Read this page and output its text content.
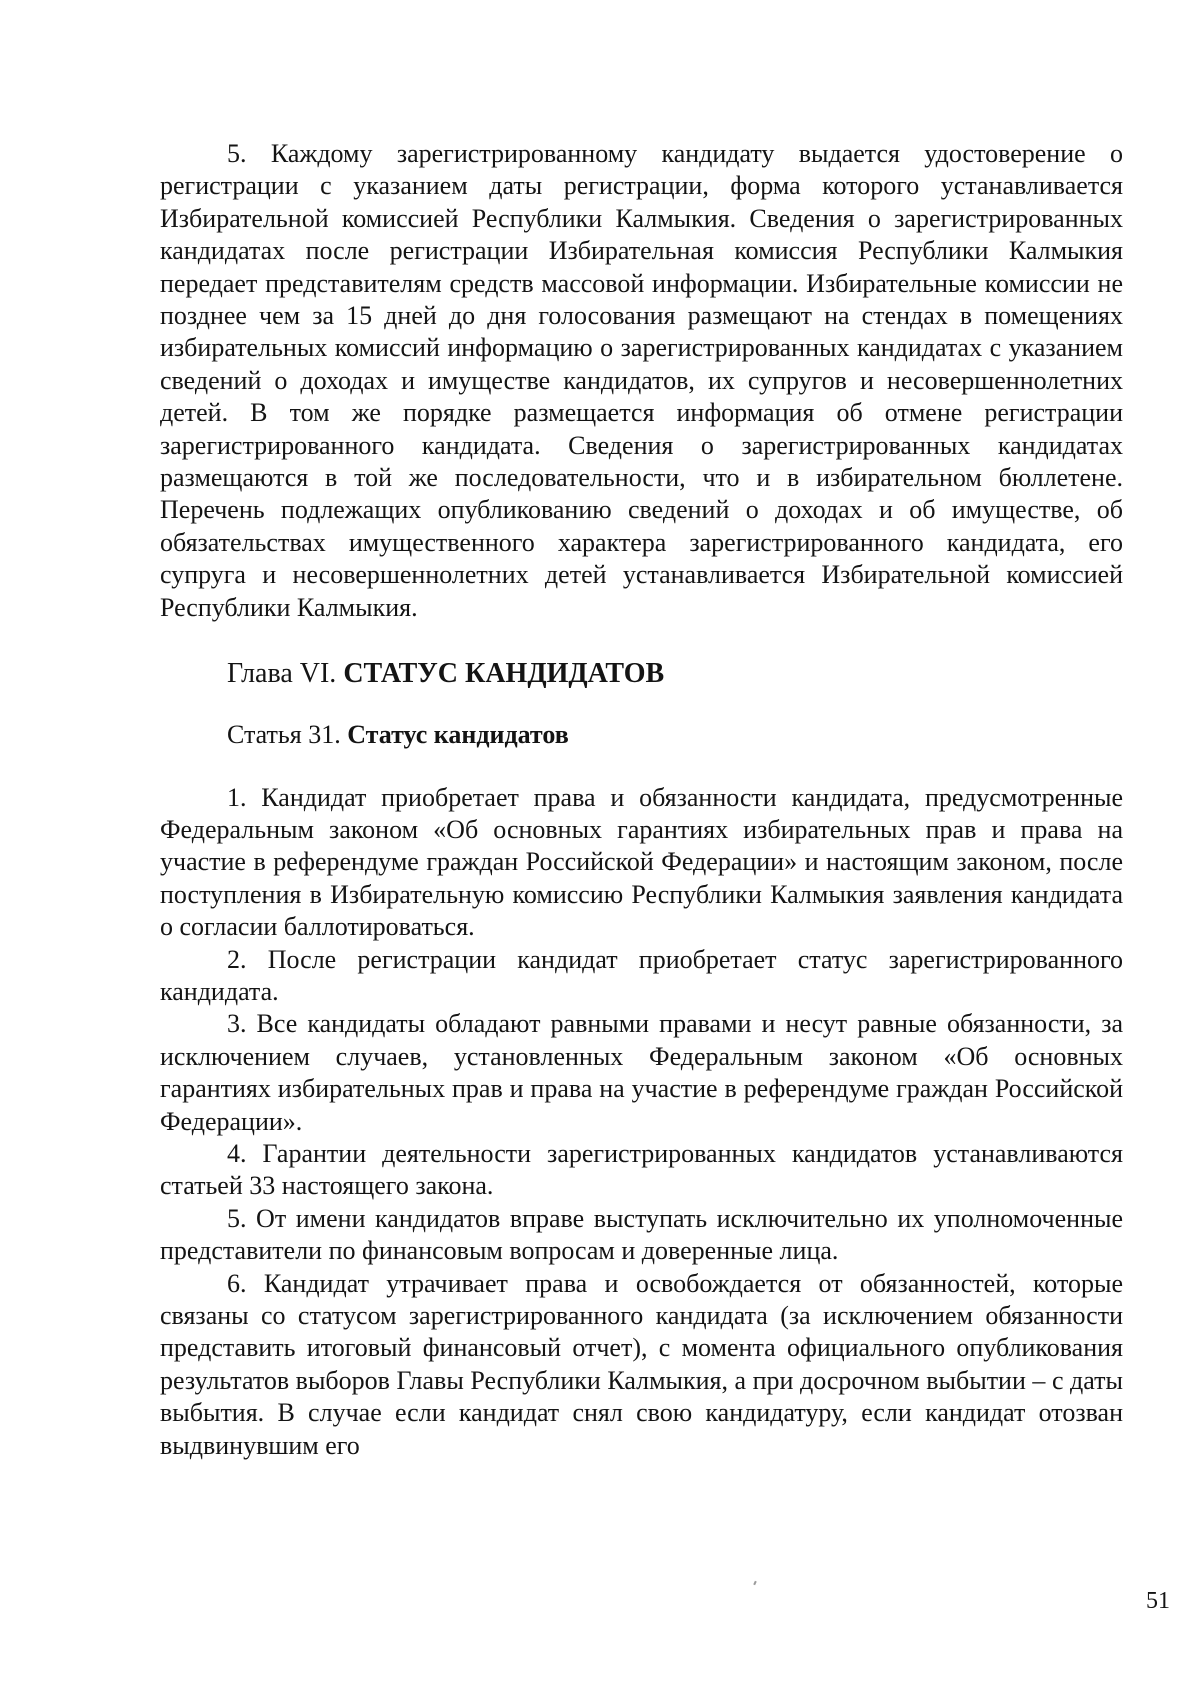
5. Каждому зарегистрированному кандидату выдается удостоверение о регистрации с указанием даты регистрации, форма которого устанавливается Избирательной комиссией Республики Калмыкия. Сведения о зарегистрированных кандидатах после регистрации Избирательная комиссия Республики Калмыкия передает представителям средств массовой информации. Избирательные комиссии не позднее чем за 15 дней до дня голосования размещают на стендах в помещениях избирательных комиссий информацию о зарегистрированных кандидатах с указанием сведений о доходах и имуществе кандидатов, их супругов и несовершеннолетних детей. В том же порядке размещается информация об отмене регистрации зарегистрированного кандидата. Сведения о зарегистрированных кандидатах размещаются в той же последовательности, что и в избирательном бюллетене. Перечень подлежащих опубликованию сведений о доходах и об имуществе, об обязательствах имущественного характера зарегистрированного кандидата, его супруга и несовершеннолетних детей устанавливается Избирательной комиссией Республики Калмыкия.

Глава VI. СТАТУС КАНДИДАТОВ

Статья 31. Статус кандидатов

1. Кандидат приобретает права и обязанности кандидата, предусмотренные Федеральным законом «Об основных гарантиях избирательных прав и права на участие в референдуме граждан Российской Федерации» и настоящим законом, после поступления в Избирательную комиссию Республики Калмыкия заявления кандидата о согласии баллотироваться.

2. После регистрации кандидат приобретает статус зарегистрированного кандидата.

3. Все кандидаты обладают равными правами и несут равные обязанности, за исключением случаев, установленных Федеральным законом «Об основных гарантиях избирательных прав и права на участие в референдуме граждан Российской Федерации».

4. Гарантии деятельности зарегистрированных кандидатов устанавливаются статьей 33 настоящего закона.

5. От имени кандидатов вправе выступать исключительно их уполномоченные представители по финансовым вопросам и доверенные лица.

6. Кандидат утрачивает права и освобождается от обязанностей, которые связаны со статусом зарегистрированного кандидата (за исключением обязанности представить итоговый финансовый отчет), с момента официального опубликования результатов выборов Главы Республики Калмыкия, а при досрочном выбытии – с даты выбытия. В случае если кандидат снял свою кандидатуру, если кандидат отозван выдвинувшим его

51
